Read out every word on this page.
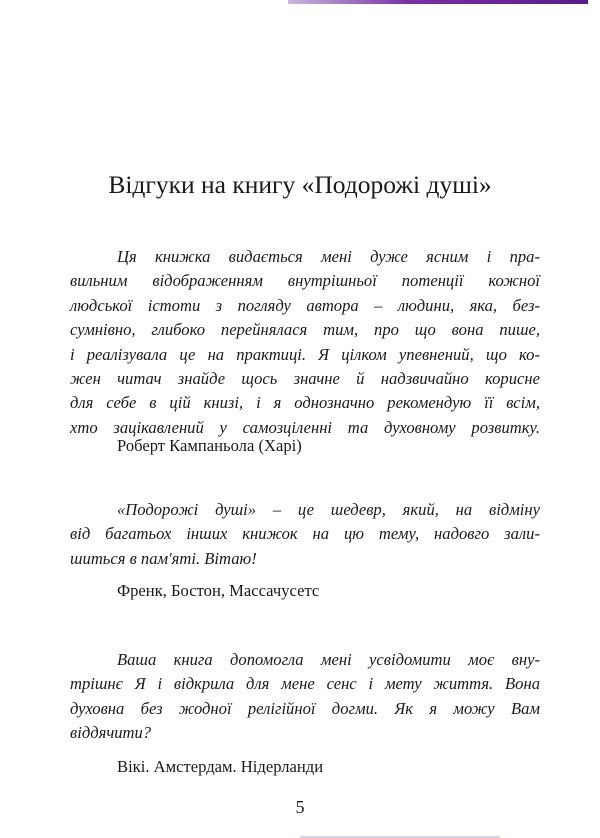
Відгуки на книгу «Подорожі душі»
Ця книжка видається мені дуже ясним і пра-
вильним відображенням внутрішньої потенції кожної
людської істоти з погляду автора – людини, яка, без-
сумнівно, глибоко перейнялася тим, про що вона пише,
і реалізувала це на практиці. Я цілком упевнений, що ко-
жен читач знайде щось значне й надзвичайно корисне
для себе в цій книзі, і я однозначно рекомендую її всім,
хто зацікавлений у самозціленні та духовному розвитку.
Роберт Кампаньола (Харі)
«Подорожі душі» – це шедевр, який, на відміну
від багатьох інших книжок на цю тему, надовго зали-
шиться в пам'яті. Вітаю!
Френк, Бостон, Массачусетс
Ваша книга допомогла мені усвідомити моє вну-
трішнє Я і відкрила для мене сенс і мету життя. Вона
духовна без жодної релігійної догми. Як я можу Вам
віддячити?
Вікі. Амстердам. Нідерланди
5
